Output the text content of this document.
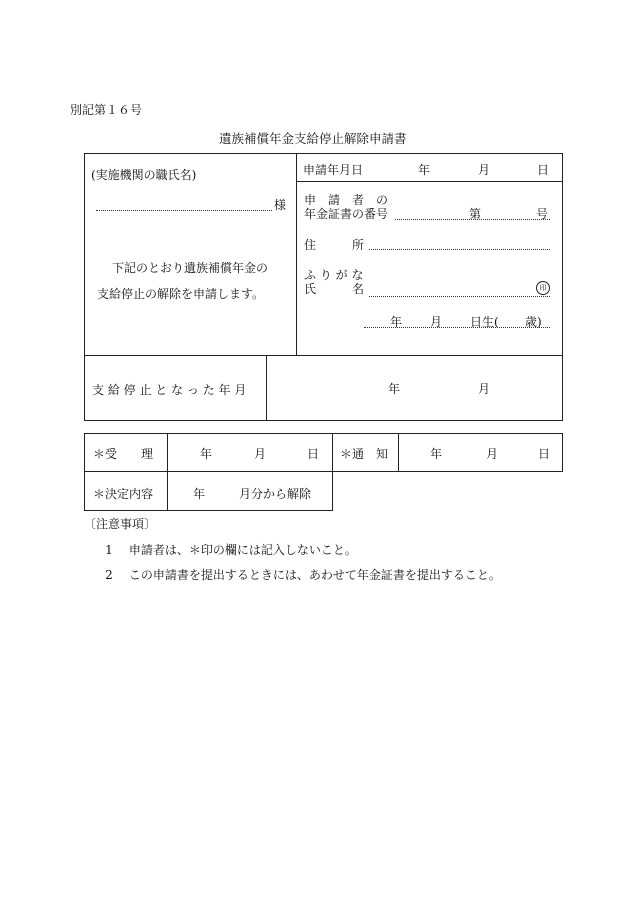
別記第１６号
遺族補償年金支給停止解除申請書
(実施機関の職氏名)
様
下記のとおり遺族補償年金の
支給停止の解除を申請します。
申請年月日	年	月	日
申　請　者　の
年金証書の番号	第	号
住　　　所
ふ り が な
氏　　　名	印
年 月 日生( 歳)
支 給 停 止 と な っ た 年 月	年	月
＊受　　理	年	月	日 ＊通　知	年	月	日
＊決定内容	年	月分から解除
〔注意事項〕
1 申請者は、＊印の欄には記入しないこと。
2 この申請書を提出するときには、あわせて年金証書を提出すること。
